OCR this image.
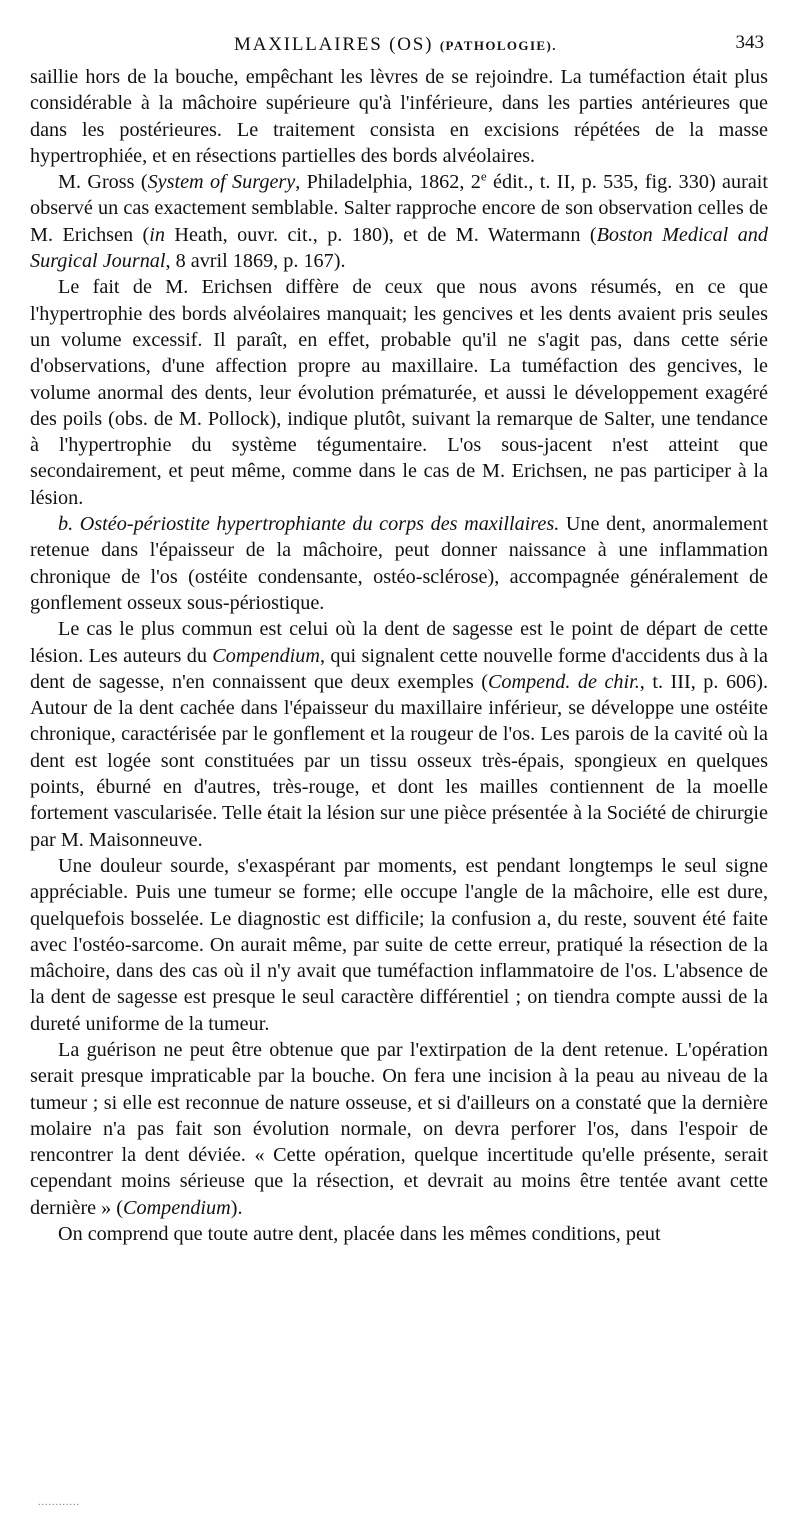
MAXILLAIRES (OS) (PATHOLOGIE).	343

saillie hors de la bouche, empêchant les lèvres de se rejoindre. La tuméfaction était plus considérable à la mâchoire supérieure qu'à l'inférieure, dans les parties antérieures que dans les postérieures. Le traitement consista en excisions répétées de la masse hypertrophiée, et en résections partielles des bords alvéolaires.

M. Gross (System of Surgery, Philadelphia, 1862, 2e édit., t. II, p. 535, fig. 330) aurait observé un cas exactement semblable. Salter rapproche encore de son observation celles de M. Erichsen (in Heath, ouvr. cit., p. 180), et de M. Watermann (Boston Medical and Surgical Journal, 8 avril 1869, p. 167).

Le fait de M. Erichsen diffère de ceux que nous avons résumés, en ce que l'hypertrophie des bords alvéolaires manquait; les gencives et les dents avaient pris seules un volume excessif. Il paraît, en effet, probable qu'il ne s'agit pas, dans cette série d'observations, d'une affection propre au maxillaire. La tuméfaction des gencives, le volume anormal des dents, leur évolution prématurée, et aussi le développement exagéré des poils (obs. de M. Pollock), indique plutôt, suivant la remarque de Salter, une tendance à l'hypertrophie du système tégumentaire. L'os sous-jacent n'est atteint que secondairement, et peut même, comme dans le cas de M. Erichsen, ne pas participer à la lésion.

b. Ostéo-périostite hypertrophiante du corps des maxillaires. Une dent, anormalement retenue dans l'épaisseur de la mâchoire, peut donner naissance à une inflammation chronique de l'os (ostéite condensante, ostéo-sclérose), accompagnée généralement de gonflement osseux sous-périostique.

Le cas le plus commun est celui où la dent de sagesse est le point de départ de cette lésion. Les auteurs du Compendium, qui signalent cette nouvelle forme d'accidents dus à la dent de sagesse, n'en connaissent que deux exemples (Compend. de chir., t. III, p. 606). Autour de la dent cachée dans l'épaisseur du maxillaire inférieur, se développe une ostéite chronique, caractérisée par le gonflement et la rougeur de l'os. Les parois de la cavité où la dent est logée sont constituées par un tissu osseux très-épais, spongieux en quelques points, éburné en d'autres, très-rouge, et dont les mailles contiennent de la moelle fortement vascularisée. Telle était la lésion sur une pièce présentée à la Société de chirurgie par M. Maisonneuve.

Une douleur sourde, s'exaspérant par moments, est pendant longtemps le seul signe appréciable. Puis une tumeur se forme; elle occupe l'angle de la mâchoire, elle est dure, quelquefois bosselée. Le diagnostic est difficile; la confusion a, du reste, souvent été faite avec l'ostéo-sarcome. On aurait même, par suite de cette erreur, pratiqué la résection de la mâchoire, dans des cas où il n'y avait que tuméfaction inflammatoire de l'os. L'absence de la dent de sagesse est presque le seul caractère différentiel ; on tiendra compte aussi de la dureté uniforme de la tumeur.

La guérison ne peut être obtenue que par l'extirpation de la dent retenue. L'opération serait presque impraticable par la bouche. On fera une incision à la peau au niveau de la tumeur ; si elle est reconnue de nature osseuse, et si d'ailleurs on a constaté que la dernière molaire n'a pas fait son évolution normale, on devra perforer l'os, dans l'espoir de rencontrer la dent déviée. « Cette opération, quelque incertitude qu'elle présente, serait cependant moins sérieuse que la résection, et devrait au moins être tentée avant cette dernière » (Compendium).

On comprend que toute autre dent, placée dans les mêmes conditions, peut

............
